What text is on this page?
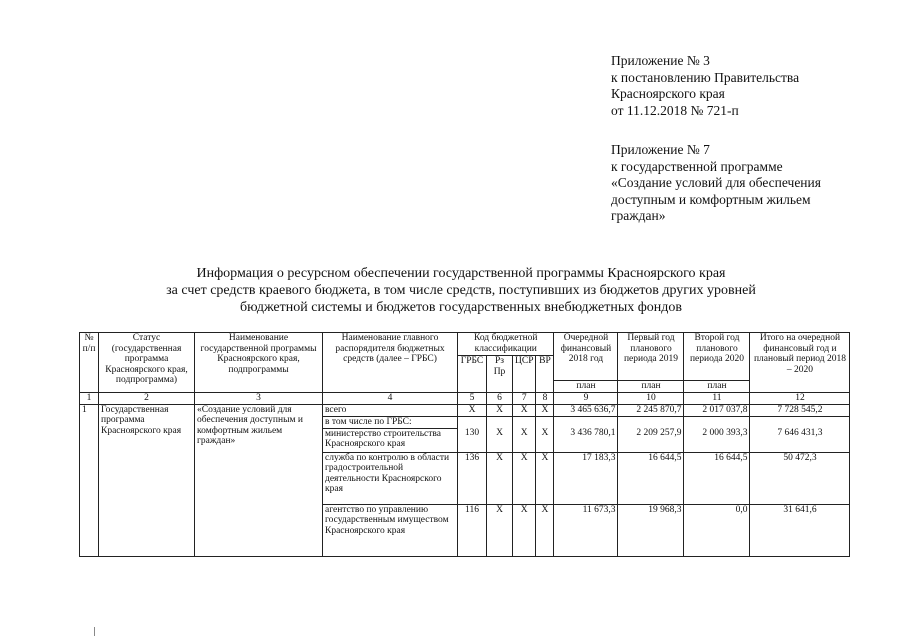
Приложение № 3
к постановлению Правительства
Красноярского края
от 11.12.2018 № 721-п
Приложение № 7
к государственной программе
«Создание условий для обеспечения
доступным и комфортным жильем
граждан»
Информация о ресурсном обеспечении государственной программы Красноярского края
за счет средств краевого бюджета, в том числе средств, поступивших из бюджетов других уровней
бюджетной системы и бюджетов государственных внебюджетных фондов
№ п/п	Статус (государственная программа Красноярского края, подпрограмма)	Наименование государственной программы Красноярского края, подпрограммы	Наименование главного распорядителя бюджетных средств (далее – ГРБС)	Код бюджетной классификации				Очередной финансовый 2018 год	Первый год планового периода 2019	Второй год планового периода 2020	Итого на очередной финансовый год и плановый период 2018 – 2020
				ГРБС	Рз Пр	ЦСР	ВР				
								план	план	план	
1	2	3	4	5	6	7	8	9	10	11	12
1	Государственная программа Красноярского края	«Создание условий для обеспечения доступным и комфортным жильем граждан»	всего	Х	Х	Х	Х	3 465 636,7	2 245 870,7	2 017 037,8	7 728 545,2
			в том числе по ГРБС:								
			министерство строительства Красноярского края	130	Х	Х	Х	3 436 780,1	2 209 257,9	2 000 393,3	7 646 431,3
			служба по контролю в области градостроительной деятельности Красноярского края	136	Х	Х	Х	17 183,3	16 644,5	16 644,5	50 472,3
			агентство по управлению государственным имуществом Красноярского края	116	Х	Х	Х	11 673,3	19 968,3	0,0	31 641,6
